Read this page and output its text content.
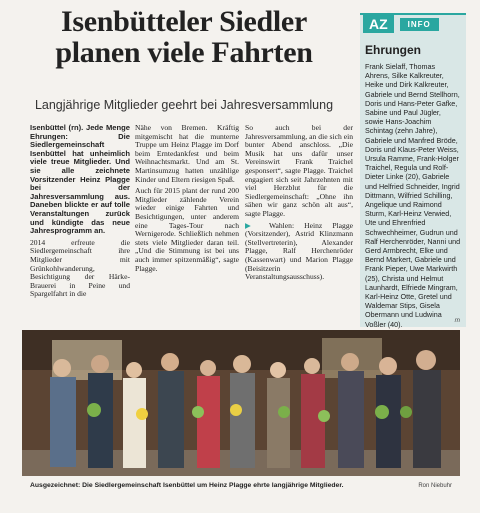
Isenbütteler Siedler
planen viele Fahrten
Langjährige Mitglieder geehrt bei Jahresversammlung

Isenbüttel (rn). Jede Menge Ehrungen: Die Siedlergemeinschaft Isenbüttel hat unheimlich viele treue Mitglieder. Und sie alle zeichnete Vorsitzender Heinz Plagge bei der Jahresversammlung aus. Daneben blickte er auf tolle Veranstaltungen zurück und kündigte das neue Jahresprogramm an.

2014 erfreute die Siedlergemeinschaft ihre Mitglieder mit Grünkohlwanderung, Besichtigung der Härke-Brauerei in Peine und Spargelfahrt in die

Nähe von Bremen. Kräftig mitgemischt hat die munterne Truppe um Heinz Plagge im Dorf beim Erntedankfest und beim Weihnachtsmarkt. Und am St. Martinsumzug hatten unzählige Kinder und Eltern riesigen Spaß.

Auch für 2015 plant der rund 200 Mitglieder zählende Verein wieder einige Fahrten und Besichtigungen, unter anderem eine Tages-Tour nach Wernigerode. Schließlich nehmen stets viele Mitglieder daran teil. „Und die Stimmung ist bei uns auch immer spitzenmäßig“, sagte Plagge.

So auch bei der Jahresversammlung, an die sich ein bunter Abend anschloss. „Die Musik hat uns dafür unser Vereinswirt Frank Traichel gesponsert“, sagte Plagge. Traichel engagiert sich seit Jahrzehnten mit viel Herzblut für die Siedlergemeinschaft: „Ohne ihn sähen wir ganz schön alt aus“, sagte Plagge.

▶ Wahlen: Heinz Plagge (Vorsitzender), Astrid Klinzmann (Stellvertreterin), Alexander Plagge, Ralf Herchenröder (Kassenwart) und Marion Plagge (Beisitzerin Veranstaltungsausschuss).

AZ	INFO
Ehrungen
Frank Sielaff, Thomas Ahrens, Silke Kalkreuter, Heike und Dirk Kalkreuter, Gabriele und Bernd Stellhorn, Doris und Hans-Peter Gafke, Sabine und Paul Jügler, sowie Hans-Joachim Schintag (zehn Jahre), Gabriele und Manfred Bröde, Doris und Klaus-Peter Weiss, Ursula Ramme, Frank-Holger Traichel, Regula und Rolf-Dieter Linke (20), Gabriele und Helfried Schneider, Ingrid Dittmann, Wilfried Schilling, Angelique und Raimond Sturm, Karl-Heinz Verwied, Ute und Ehrenfried Schwechheimer, Gudrun und Ralf Herchenröder, Nanni und Gerd Armbrecht, Elke und Bernd Markert, Gabriele und Frank Pieper, Uwe Markwirth (25), Christa und Helmut Launhardt, Elfriede Mingram, Karl-Heinz Otte, Gretel und Waldemar Stips, Gisela Obermann und Ludwina Voßler (40).	rn
Ausgezeichnet: Die Siedlergemeinschaft Isenbüttel um Heinz Plagge ehrte langjährige Mitglieder.	Ron Niebuhr
